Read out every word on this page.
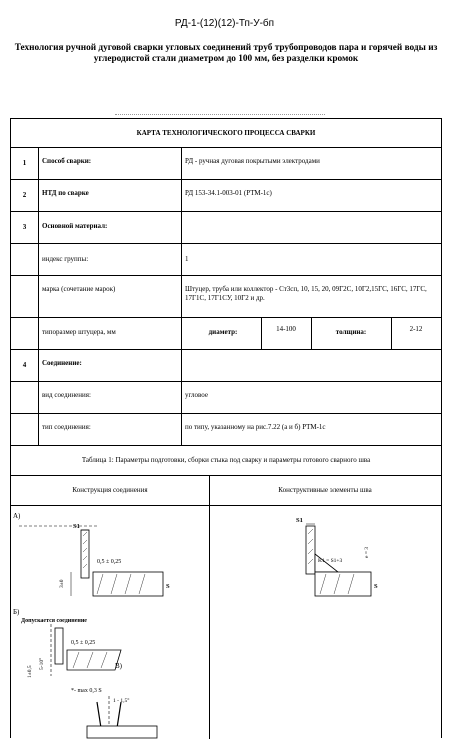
РД-1-(12)(12)-Тп-У-бп
Технология ручной дуговой сварки угловых соединений труб трубопроводов пара и горячей воды из углеродистой стали диаметром до 100 мм, без разделки кромок
КАРТА ТЕХНОЛОГИЧЕСКОГО ПРОЦЕССА СВАРКИ
1	Способ сварки:	РД - ручная дуговая покрытыми электродами
2	НТД по сварке	РД 153-34.1-003-01 (РТМ-1с)
3	Основной материал:
индекс группы:	1
марка (сочетание марок)	Штуцер, труба или коллектор - Ст3сп, 10, 15, 20, 09Г2С, 10Г2,15ГС, 16ГС, 17ГС, 17Г1С, 17Г1СУ, 10Г2 и др.
типоразмер штуцера, мм	диаметр:	14-100	толщина:	2-12
4	Соединение:
вид соединения:	угловое
тип соединения:	по типу, указанному на рис.7.22 (а и б) РТМ-1с
Таблица 1: Параметры подготовки, сборки стыка под сварку и параметры готового сварного шва
Конструкция соединения	Конструктивные элементы шва
А)
S1
0,5 ± 0,25
S
3±0
Б)
Допускается соединение
0,5 ± 0,25
1±0,5
5-10°	В)
*- max 0,3 S
1 - 1,5°
S1
K1 = S1+3
S
e = 3
